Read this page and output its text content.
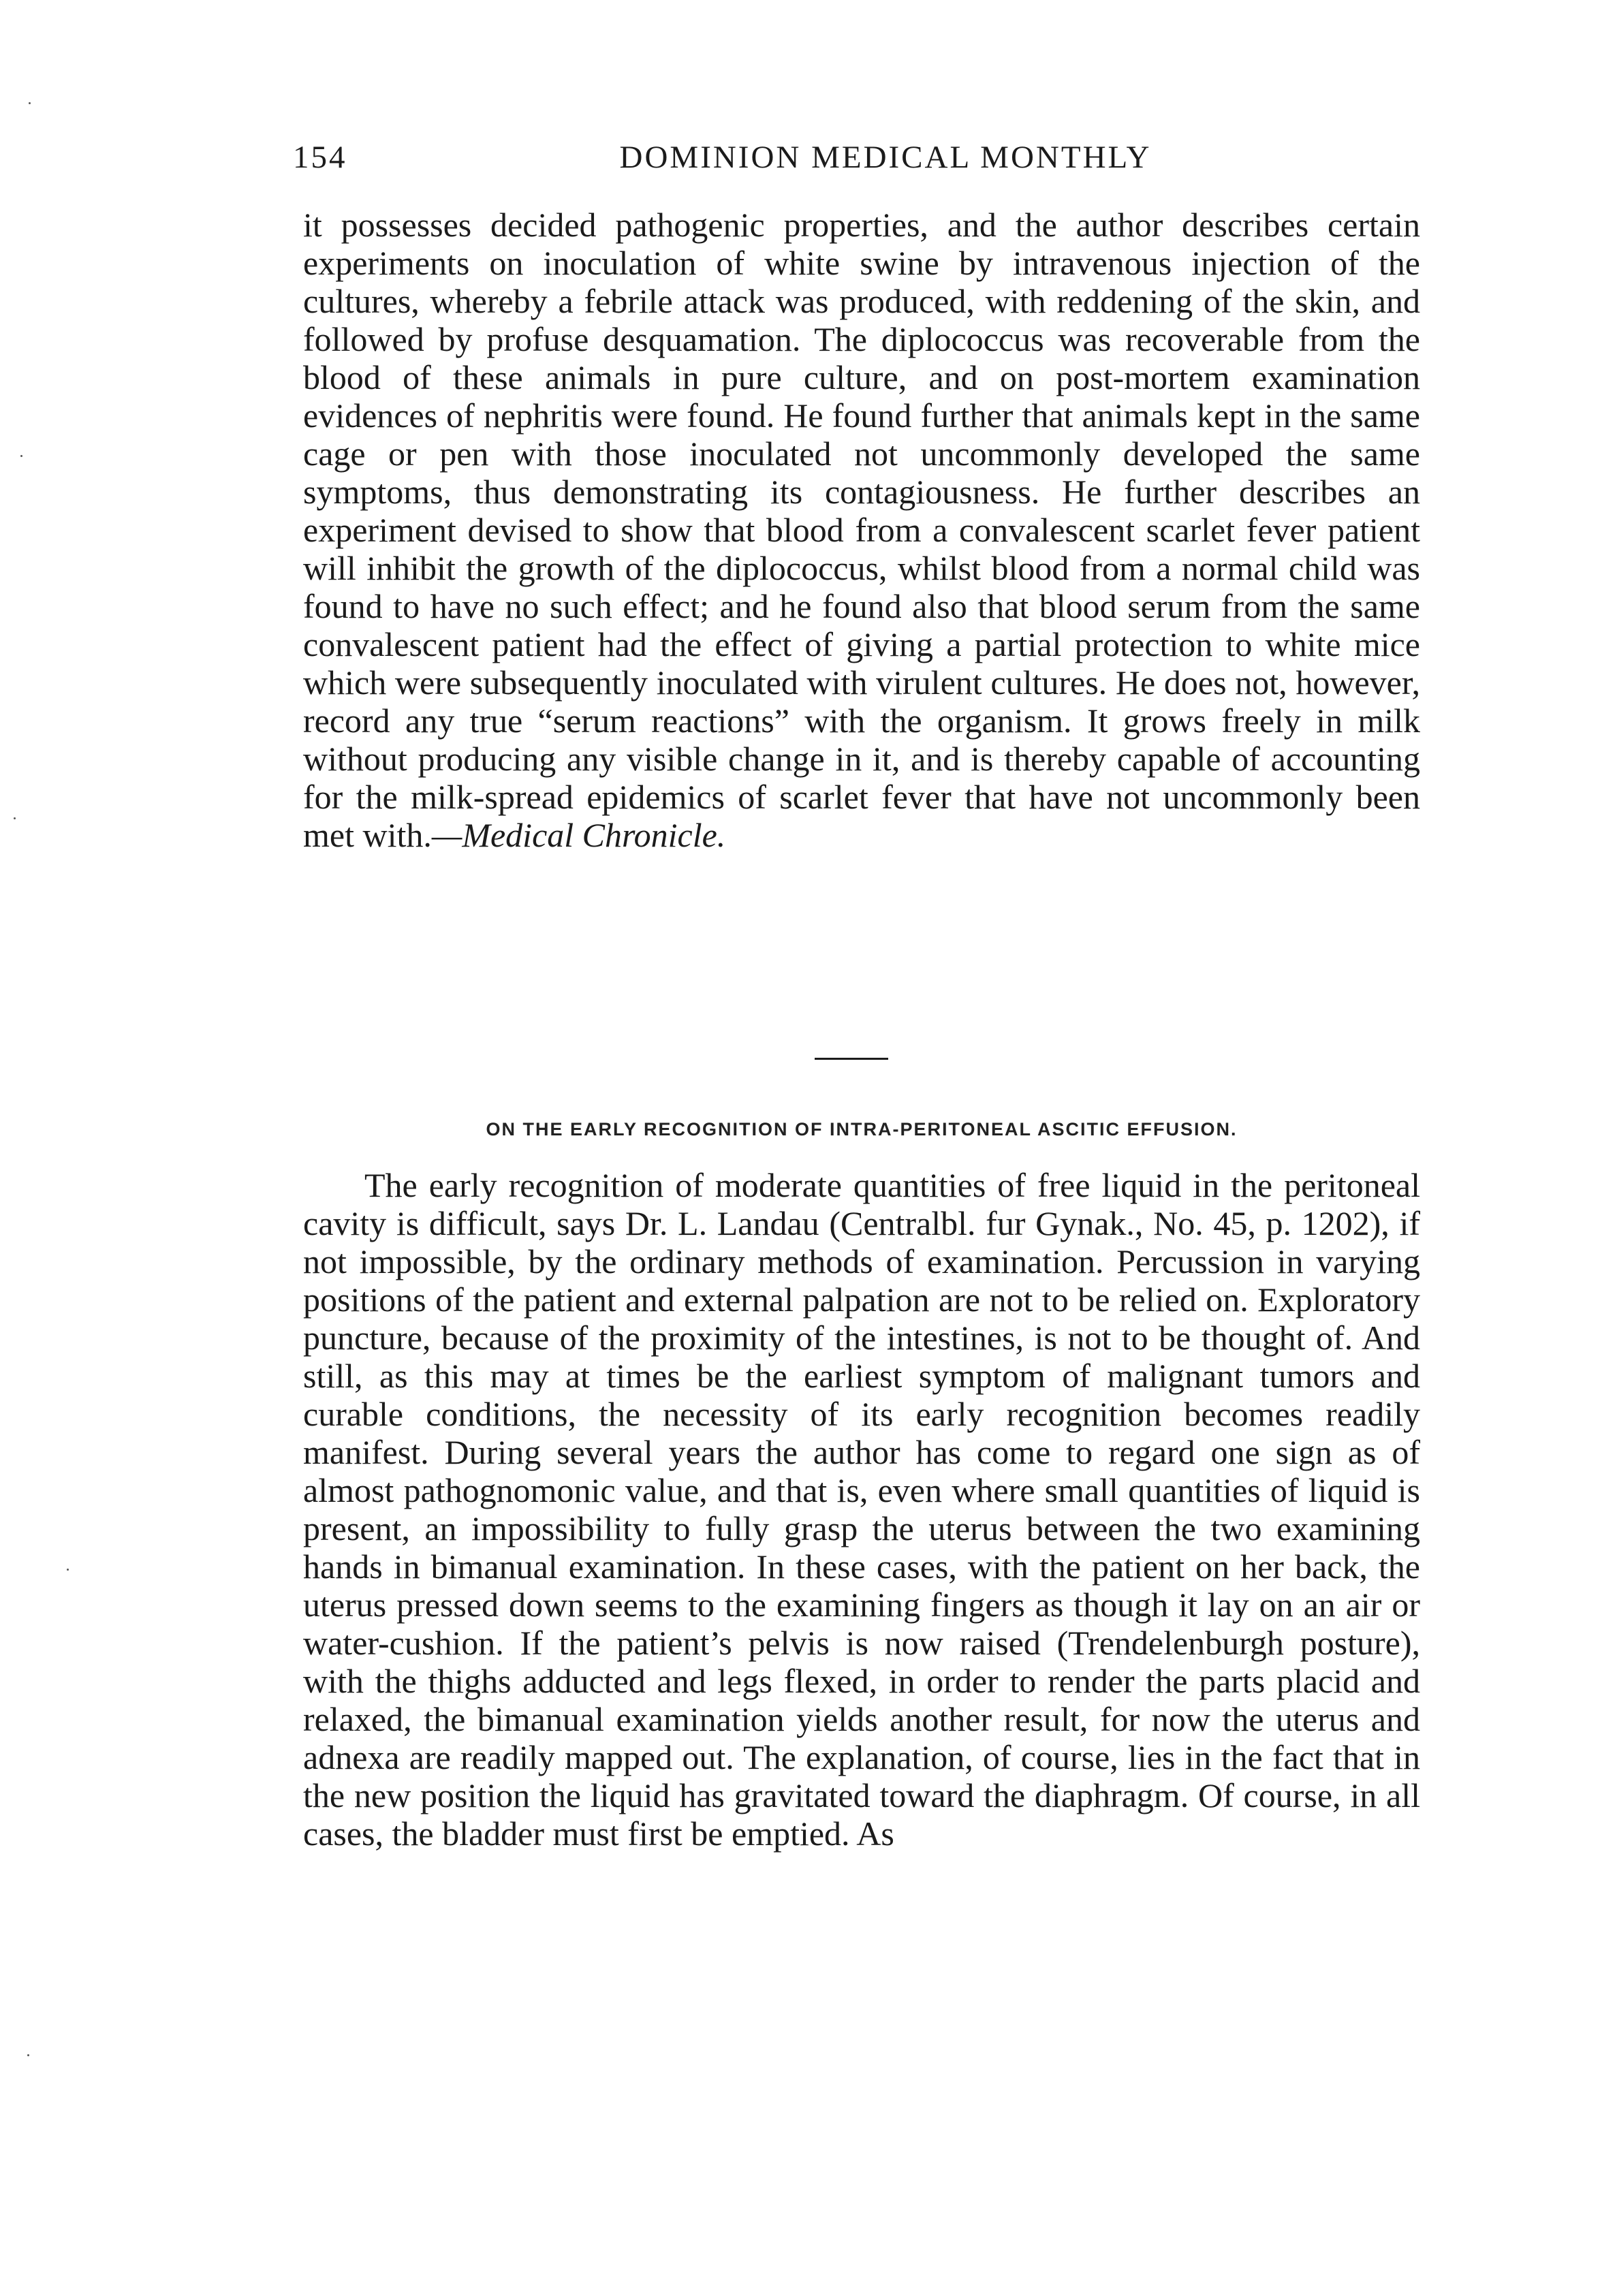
154	DOMINION MEDICAL MONTHLY

it possesses decided pathogenic properties, and the author describes certain experiments on inoculation of white swine by intravenous injection of the cultures, whereby a febrile attack was produced, with reddening of the skin, and followed by profuse desquamation. The diplococcus was recoverable from the blood of these animals in pure culture, and on post-mortem examination evidences of nephritis were found. He found further that animals kept in the same cage or pen with those inoculated not uncommonly developed the same symptoms, thus demonstrating its contagiousness. He further describes an experiment devised to show that blood from a convalescent scarlet fever patient will inhibit the growth of the diplococcus, whilst blood from a normal child was found to have no such effect; and he found also that blood serum from the same convalescent patient had the effect of giving a partial protection to white mice which were subsequently inoculated with virulent cultures. He does not, however, record any true “serum reactions” with the organism. It grows freely in milk without producing any visible change in it, and is thereby capable of accounting for the milk-spread epidemics of scarlet fever that have not uncommonly been met with.—Medical Chronicle.

ON THE EARLY RECOGNITION OF INTRA-PERITONEAL ASCITIC EFFUSION.

The early recognition of moderate quantities of free liquid in the peritoneal cavity is difficult, says Dr. L. Landau (Centralbl. fur Gynak., No. 45, p. 1202), if not impossible, by the ordinary methods of examination. Percussion in varying positions of the patient and external palpation are not to be relied on. Exploratory puncture, because of the proximity of the intestines, is not to be thought of. And still, as this may at times be the earliest symptom of malignant tumors and curable conditions, the necessity of its early recognition becomes readily manifest. During several years the author has come to regard one sign as of almost pathognomonic value, and that is, even where small quantities of liquid is present, an impossibility to fully grasp the uterus between the two examining hands in bimanual examination. In these cases, with the patient on her back, the uterus pressed down seems to the examining fingers as though it lay on an air or water-cushion. If the patient’s pelvis is now raised (Trendelenburgh posture), with the thighs adducted and legs flexed, in order to render the parts placid and relaxed, the bimanual examination yields another result, for now the uterus and adnexa are readily mapped out. The explanation, of course, lies in the fact that in the new position the liquid has gravitated toward the diaphragm. Of course, in all cases, the bladder must first be emptied. As
